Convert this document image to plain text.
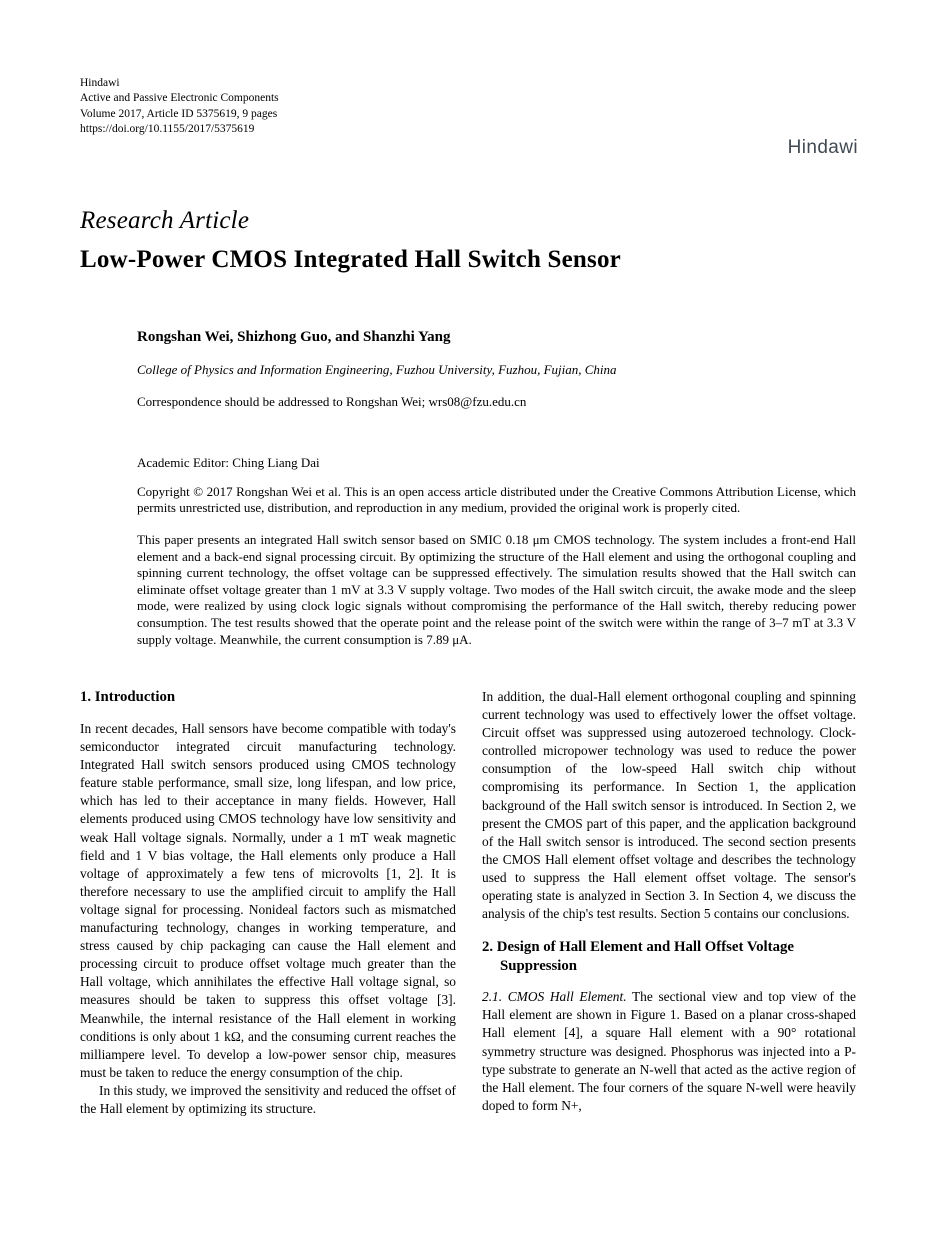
Hindawi
Active and Passive Electronic Components
Volume 2017, Article ID 5375619, 9 pages
https://doi.org/10.1155/2017/5375619
Hindawi
Research Article
Low-Power CMOS Integrated Hall Switch Sensor
Rongshan Wei, Shizhong Guo, and Shanzhi Yang
College of Physics and Information Engineering, Fuzhou University, Fuzhou, Fujian, China
Correspondence should be addressed to Rongshan Wei; wrs08@fzu.edu.cn
Academic Editor: Ching Liang Dai
Copyright © 2017 Rongshan Wei et al. This is an open access article distributed under the Creative Commons Attribution License, which permits unrestricted use, distribution, and reproduction in any medium, provided the original work is properly cited.
This paper presents an integrated Hall switch sensor based on SMIC 0.18 μm CMOS technology. The system includes a front-end Hall element and a back-end signal processing circuit. By optimizing the structure of the Hall element and using the orthogonal coupling and spinning current technology, the offset voltage can be suppressed effectively. The simulation results showed that the Hall switch can eliminate offset voltage greater than 1 mV at 3.3 V supply voltage. Two modes of the Hall switch circuit, the awake mode and the sleep mode, were realized by using clock logic signals without compromising the performance of the Hall switch, thereby reducing power consumption. The test results showed that the operate point and the release point of the switch were within the range of 3–7 mT at 3.3 V supply voltage. Meanwhile, the current consumption is 7.89 μA.
1. Introduction

In recent decades, Hall sensors have become compatible with today's semiconductor integrated circuit manufacturing technology. Integrated Hall switch sensors produced using CMOS technology feature stable performance, small size, long lifespan, and low price, which has led to their acceptance in many fields. However, Hall elements produced using CMOS technology have low sensitivity and weak Hall voltage signals. Normally, under a 1 mT weak magnetic field and 1 V bias voltage, the Hall elements only produce a Hall voltage of approximately a few tens of microvolts [1, 2]. It is therefore necessary to use the amplified circuit to amplify the Hall voltage signal for processing. Nonideal factors such as mismatched manufacturing technology, changes in working temperature, and stress caused by chip packaging can cause the Hall element and processing circuit to produce offset voltage much greater than the Hall voltage, which annihilates the effective Hall voltage signal, so measures should be taken to suppress this offset voltage [3]. Meanwhile, the internal resistance of the Hall element in working conditions is only about 1 kΩ, and the consuming current reaches the milliampere level. To develop a low-power sensor chip, measures must be taken to reduce the energy consumption of the chip.

In this study, we improved the sensitivity and reduced the offset of the Hall element by optimizing its structure.

In addition, the dual-Hall element orthogonal coupling and spinning current technology was used to effectively lower the offset voltage. Circuit offset was suppressed using autozeroed technology. Clock-controlled micropower technology was used to reduce the power consumption of the low-speed Hall switch chip without compromising its performance. In Section 1, the application background of the Hall switch sensor is introduced. In Section 2, we present the CMOS part of this paper, and the application background of the Hall switch sensor is introduced. The second section presents the CMOS Hall element offset voltage and describes the technology used to suppress the Hall element offset voltage. The sensor's operating state is analyzed in Section 3. In Section 4, we discuss the analysis of the chip's test results. Section 5 contains our conclusions.

2. Design of Hall Element and Hall Offset Voltage Suppression

2.1. CMOS Hall Element. The sectional view and top view of the Hall element are shown in Figure 1. Based on a planar cross-shaped Hall element [4], a square Hall element with a 90° rotational symmetry structure was designed. Phosphorus was injected into a P-type substrate to generate an N-well that acted as the active region of the Hall element. The four corners of the square N-well were heavily doped to form N+,
